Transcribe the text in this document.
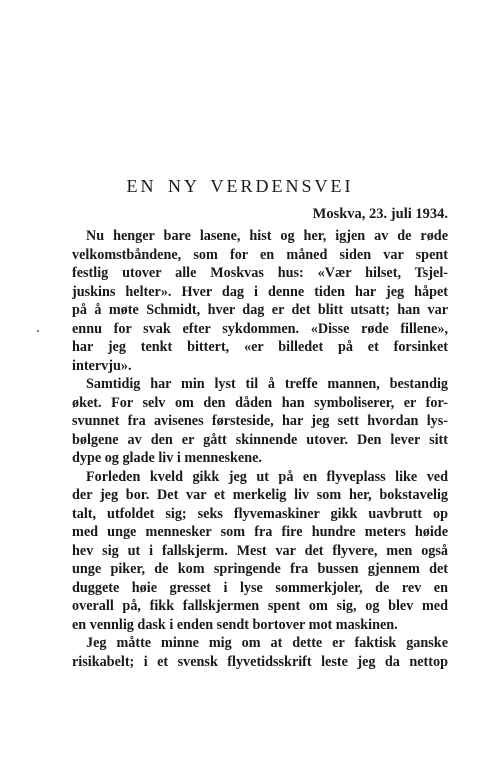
EN NY VERDENSVEI
Moskva, 23. juli 1934.
Nu henger bare lasene, hist og her, igjen av de røde
velkomstbåndene, som for en måned siden var spent
festlig utover alle Moskvas hus: «Vær hilset, Tsjel-
juskins helter». Hver dag i denne tiden har jeg håpet
på å møte Schmidt, hver dag er det blitt utsatt; han var
ennu for svak efter sykdommen. «Disse røde fillene»,
har jeg tenkt bittert, «er billedet på et forsinket
intervju».
Samtidig har min lyst til å treffe mannen, bestandig
øket. For selv om den dåden han symboliserer, er for-
svunnet fra avisenes førsteside, har jeg sett hvordan lys-
bølgene av den er gått skinnende utover. Den lever sitt
dype og glade liv i menneskene.
Forleden kveld gikk jeg ut på en flyveplass like ved
der jeg bor. Det var et merkelig liv som her, bokstavelig
talt, utfoldet sig; seks flyvemaskiner gikk uavbrutt op
med unge mennesker som fra fire hundre meters høide
hev sig ut i fallskjerm. Mest var det flyvere, men også
unge piker, de kom springende fra bussen gjennem det
duggete høie gresset i lyse sommerkjoler, de rev en
overall på, fikk fallskjermen spent om sig, og blev med
en vennlig dask i enden sendt bortover mot maskinen.
Jeg måtte minne mig om at dette er faktisk ganske
risikabelt; i et svensk flyvetidsskrift leste jeg da nettop
